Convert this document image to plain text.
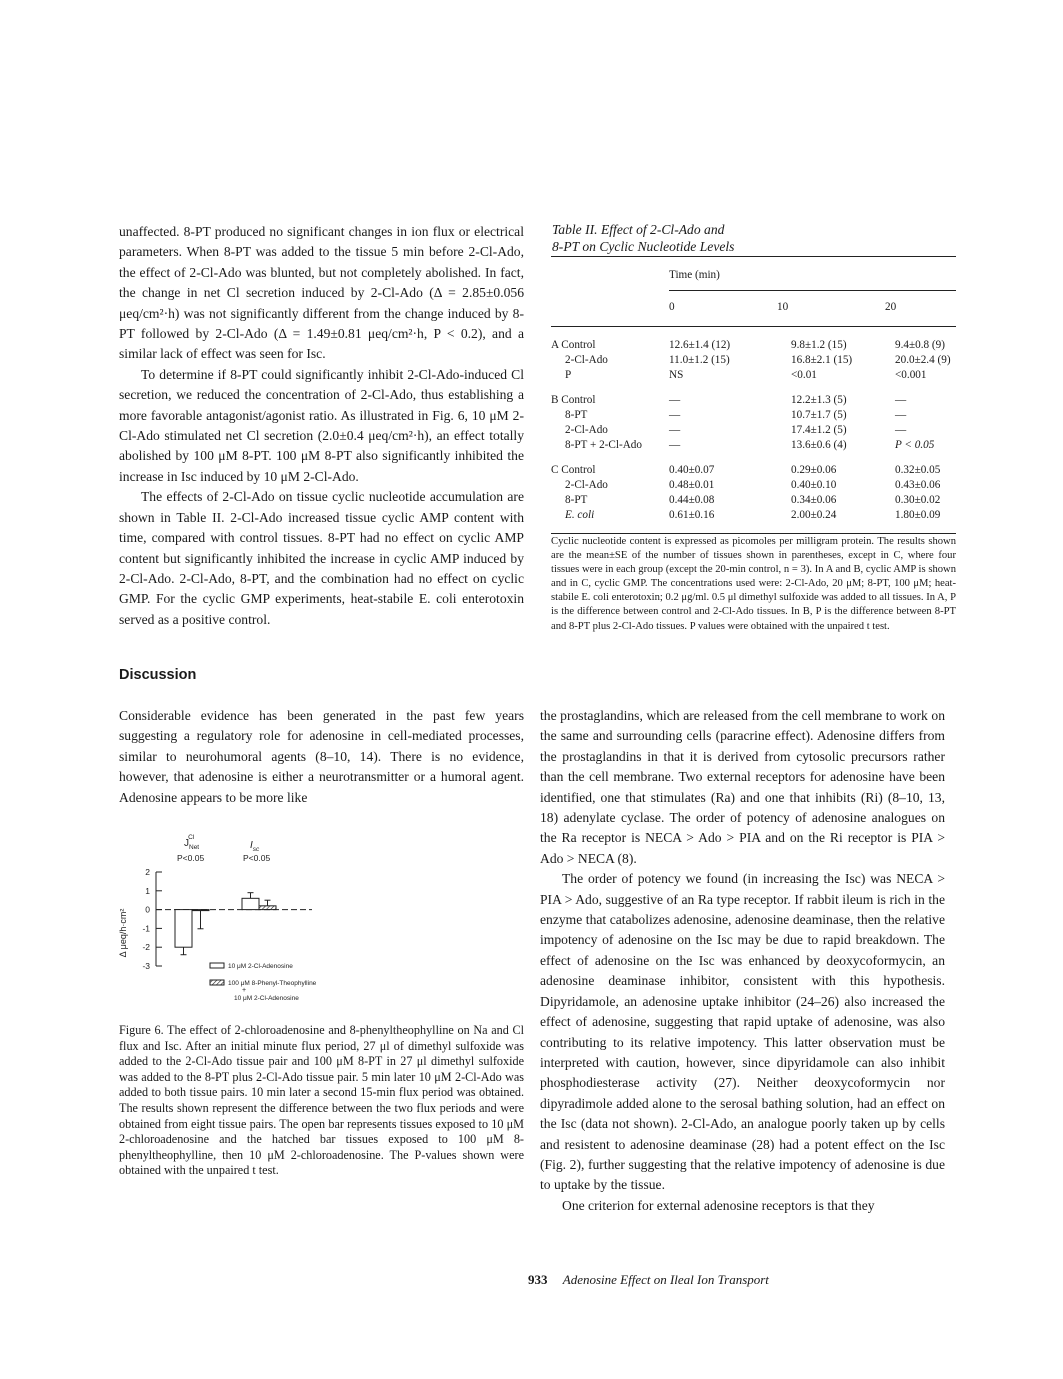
unaffected. 8-PT produced no significant changes in ion flux or electrical parameters. When 8-PT was added to the tissue 5 min before 2-Cl-Ado, the effect of 2-Cl-Ado was blunted, but not completely abolished. In fact, the change in net Cl secretion induced by 2-Cl-Ado (Δ = 2.85±0.056 μeq/cm²·h) was not significantly different from the change induced by 8-PT followed by 2-Cl-Ado (Δ = 1.49±0.81 μeq/cm²·h, P < 0.2), and a similar lack of effect was seen for Isc.

To determine if 8-PT could significantly inhibit 2-Cl-Ado-induced Cl secretion, we reduced the concentration of 2-Cl-Ado, thus establishing a more favorable antagonist/agonist ratio. As illustrated in Fig. 6, 10 μM 2-Cl-Ado stimulated net Cl secretion (2.0±0.4 μeq/cm²·h), an effect totally abolished by 100 μM 8-PT. 100 μM 8-PT also significantly inhibited the increase in Isc induced by 10 μM 2-Cl-Ado.

The effects of 2-Cl-Ado on tissue cyclic nucleotide accumulation are shown in Table II. 2-Cl-Ado increased tissue cyclic AMP content with time, compared with control tissues. 8-PT had no effect on cyclic AMP content but significantly inhibited the increase in cyclic AMP induced by 2-Cl-Ado. 2-Cl-Ado, 8-PT, and the combination had no effect on cyclic GMP. For the cyclic GMP experiments, heat-stabile E. coli enterotoxin served as a positive control.

Discussion

Considerable evidence has been generated in the past few years suggesting a regulatory role for adenosine in cell-mediated processes, similar to neurohumoral agents (8–10, 14). There is no evidence, however, that adenosine is either a neurotransmitter or a humoral agent. Adenosine appears to be more like

Table II. Effect of 2-Cl-Ado and
8-PT on Cyclic Nucleotide Levels
	Time (min)		
	0	10	20
A Control	12.6±1.4 (12)	9.8±1.2 (15)	9.4±0.8 (9)
2-Cl-Ado	11.0±1.2 (15)	16.8±2.1 (15)	20.0±2.4 (9)
P	NS	<0.01	<0.001
B Control	—	12.2±1.3 (5)	—
8-PT	—	10.7±1.7 (5)	—
2-Cl-Ado	—	17.4±1.2 (5)	—
8-PT + 2-Cl-Ado	—	13.6±0.6 (4)	P < 0.05
C Control	0.40±0.07	0.29±0.06	0.32±0.05
2-Cl-Ado	0.48±0.01	0.40±0.10	0.43±0.06
8-PT	0.44±0.08	0.34±0.06	0.30±0.02
E. coli	0.61±0.16	2.00±0.24	1.80±0.09

Cyclic nucleotide content is expressed as picomoles per milligram protein. The results shown are the mean±SE of the number of tissues shown in parentheses, except in C, where four tissues were in each group (except the 20-min control, n = 3). In A and B, cyclic AMP is shown and in C, cyclic GMP. The concentrations used were: 2-Cl-Ado, 20 μM; 8-PT, 100 μM; heat-stabile E. coli enterotoxin; 0.2 μg/ml. 0.5 μl dimethyl sulfoxide was added to all tissues. In A, P is the difference between control and 2-Cl-Ado tissues. In B, P is the difference between 8-PT and 8-PT plus 2-Cl-Ado tissues. P values were obtained with the unpaired t test.
Δ μeq/h·cm²
2
1
0
-1
-2
-3
$J_{Net}Cl$
$I_{sc}$
P<0.05	P<0.05
10 μM 2-Cl-Adenosine
100 μM 8-Phenyl-Theophylline
+
10 μM 2-Cl-Adenosine
Figure 6. The effect of 2-chloroadenosine and 8-phenyltheophylline on Na and Cl flux and Isc. After an initial minute flux period, 27 μl of dimethyl sulfoxide was added to the 2-Cl-Ado tissue pair and 100 μM 8-PT in 27 μl dimethyl sulfoxide was added to the 8-PT plus 2-Cl-Ado tissue pair. 5 min later 10 μM 2-Cl-Ado was added to both tissue pairs. 10 min later a second 15-min flux period was obtained. The results shown represent the difference between the two flux periods and were obtained from eight tissue pairs. The open bar represents tissues exposed to 10 μM 2-chloroadenosine and the hatched bar tissues exposed to 100 μM 8-phenyltheophylline, then 10 μM 2-chloroadenosine. The P-values shown were obtained with the unpaired t test.

the prostaglandins, which are released from the cell membrane to work on the same and surrounding cells (paracrine effect). Adenosine differs from the prostaglandins in that it is derived from cytosolic precursors rather than the cell membrane. Two external receptors for adenosine have been identified, one that stimulates (Ra) and one that inhibits (Ri) (8–10, 13, 18) adenylate cyclase. The order of potency of adenosine analogues on the Ra receptor is NECA > Ado > PIA and on the Ri receptor is PIA > Ado > NECA (8).

The order of potency we found (in increasing the Isc) was NECA > PIA > Ado, suggestive of an Ra type receptor. If rabbit ileum is rich in the enzyme that catabolizes adenosine, adenosine deaminase, then the relative impotency of adenosine on the Isc may be due to rapid breakdown. The effect of adenosine on the Isc was enhanced by deoxycoformycin, an adenosine deaminase inhibitor, consistent with this hypothesis. Dipyridamole, an adenosine uptake inhibitor (24–26) also increased the effect of adenosine, suggesting that rapid uptake of adenosine, was also contributing to its relative impotency. This latter observation must be interpreted with caution, however, since dipyridamole can also inhibit phosphodiesterase activity (27). Neither deoxycoformycin nor dipyradimole added alone to the serosal bathing solution, had an effect on the Isc (data not shown). 2-Cl-Ado, an analogue poorly taken up by cells and resistent to adenosine deaminase (28) had a potent effect on the Isc (Fig. 2), further suggesting that the relative impotency of adenosine is due to uptake by the tissue.

One criterion for external adenosine receptors is that they

933 Adenosine Effect on Ileal Ion Transport
